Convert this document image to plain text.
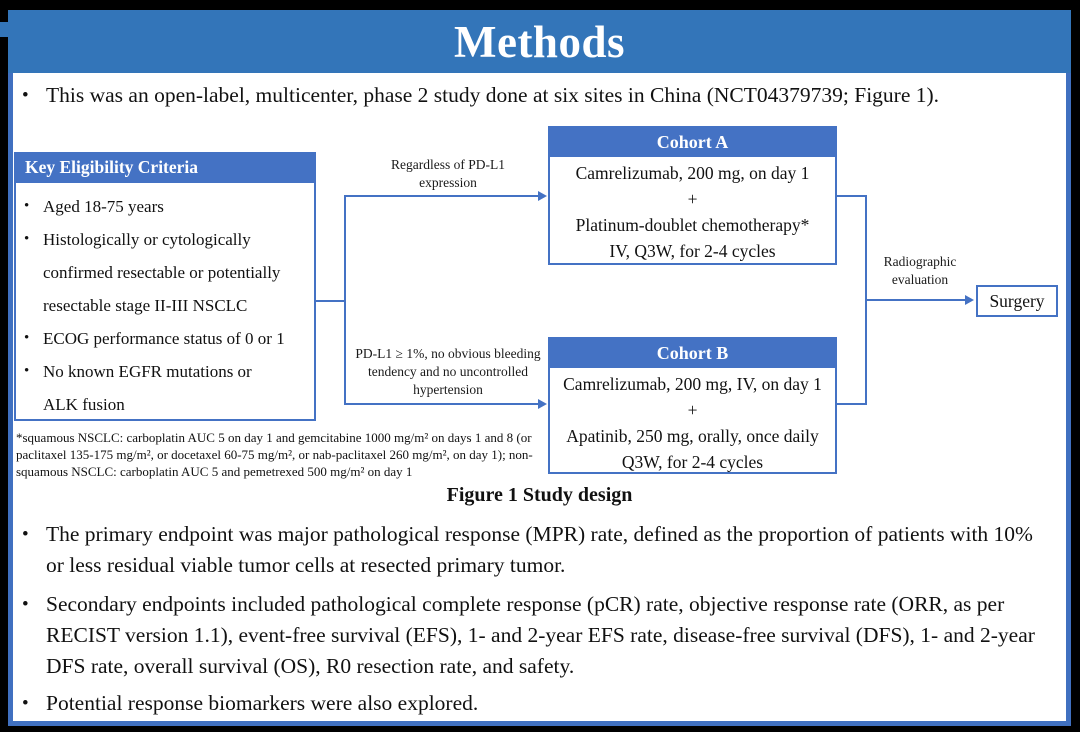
Methods
•
This was an open-label, multicenter, phase 2 study done at six sites in China (NCT04379739; Figure 1).
Key Eligibility Criteria
• Aged 18-75 years
• Histologically or cytologically confirmed resectable or potentially resectable stage II-III NSCLC
• ECOG performance status of 0 or 1
• No known EGFR mutations or ALK fusion
Regardless of PD-L1 expression
PD-L1 ≥ 1%, no obvious bleeding tendency and no uncontrolled hypertension
Cohort A
Camrelizumab, 200 mg, on day 1
+
Platinum-doublet chemotherapy*
IV, Q3W, for 2-4 cycles
Cohort B
Camrelizumab, 200 mg, IV, on day 1
+
Apatinib, 250 mg, orally, once daily
Q3W, for 2-4 cycles
Radiographic evaluation
Surgery
*squamous NSCLC: carboplatin AUC 5 on day 1 and gemcitabine 1000 mg/m² on days 1 and 8 (or paclitaxel 135-175 mg/m², or docetaxel 60-75 mg/m², or nab-paclitaxel 260 mg/m², on day 1); non-squamous NSCLC: carboplatin AUC 5 and pemetrexed 500 mg/m² on day 1
Figure 1 Study design
•
The primary endpoint was major pathological response (MPR) rate, defined as the proportion of patients with 10% or less residual viable tumor cells at resected primary tumor.
•
Secondary endpoints included pathological complete response (pCR) rate, objective response rate (ORR, as per RECIST version 1.1), event-free survival (EFS), 1- and 2-year EFS rate, disease-free survival (DFS), 1- and 2-year DFS rate, overall survival (OS), R0 resection rate, and safety.
•
Potential response biomarkers were also explored.
